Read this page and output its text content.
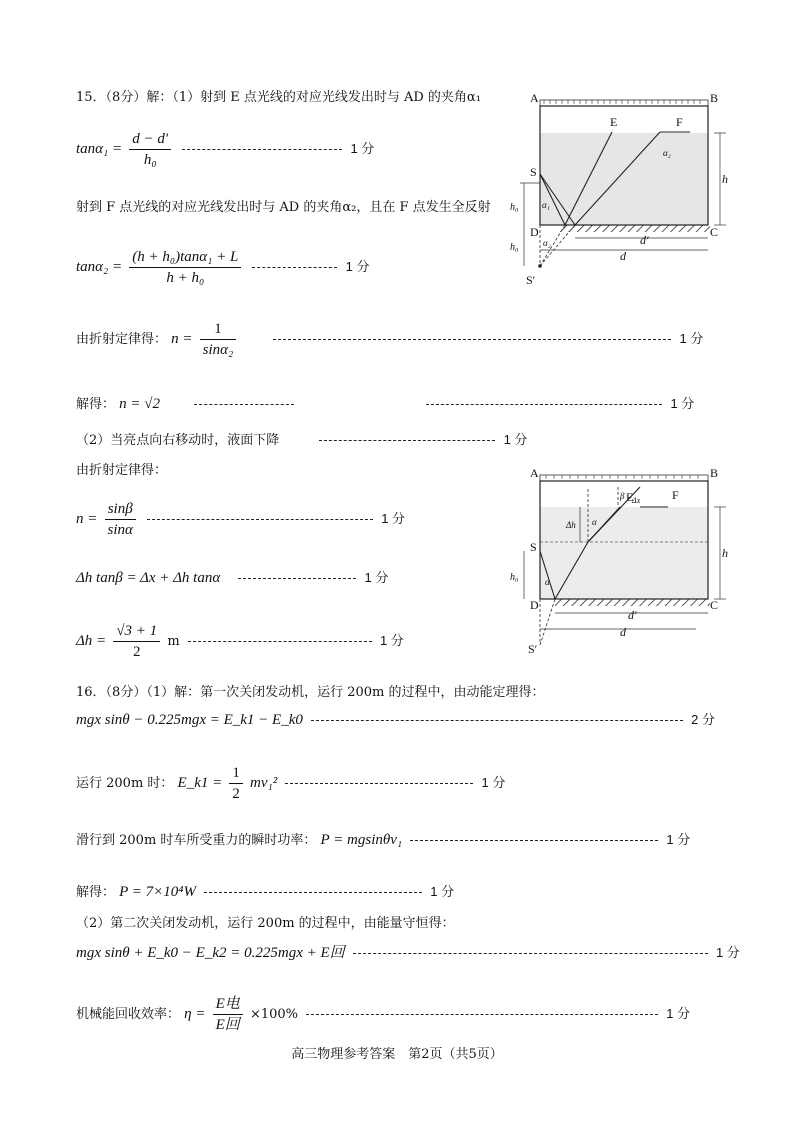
15．（8分）解：（1）射到 E 点光线的对应光线发出时与 AD 的夹角α₁
$\tan\alpha_1 = \frac{d - d'}{\text{h₀}}$	1 分
射到 F 点光线的对应光线发出时与 AD 的夹角α₂，且在 F 点发生全反射
$\tan\alpha_2 = \frac{\text{(h + h₀)tanα₁ + L}}{\text{h + h₀}}$	1 分
由折射定律得： $n = \frac{1}{\text{sinα₂}}$	1 分
解得： n = √2	1 分
（2）当亮点向右移动时，液面下降	1 分
由折射定律得：
$n = \frac{\sin\beta}{\sin\alpha}$	1 分
Δh tanβ = Δx + Δh tanα	1 分
$\Delta h = \frac{√3 + 1}{2}$ m	1 分
A	B
E	F
S
D	C
S′
h
h₀
h₀
d′
d
α₁
α₂
α₂
A	B
E	F
S
D	C
S′
h
Δh
h₀
d′
d
α
β Δx
α
16．（8分）（1）解：第一次关闭发动机，运行 200m 的过程中，由动能定理得：
mgx sinθ − 0.225mgx = E_k1 − E_k0	2 分
运行 200m 时： E_k1 = $\frac{1}{2} mv_1^2$	1 分
滑行到 200m 时车所受重力的瞬时功率： P = mgsinθv₁	1 分
解得： P = 7×10⁴W	1 分
（2）第二次关闭发动机，运行 200m 的过程中，由能量守恒得：
mgx sinθ + E_k0 − E_k2 = 0.225mgx + E回	1 分
机械能回收效率： $\eta = \frac{\text{E电}}{\text{E回}} \times 100\%$	1 分
高三物理参考答案　第2页（共5页）
